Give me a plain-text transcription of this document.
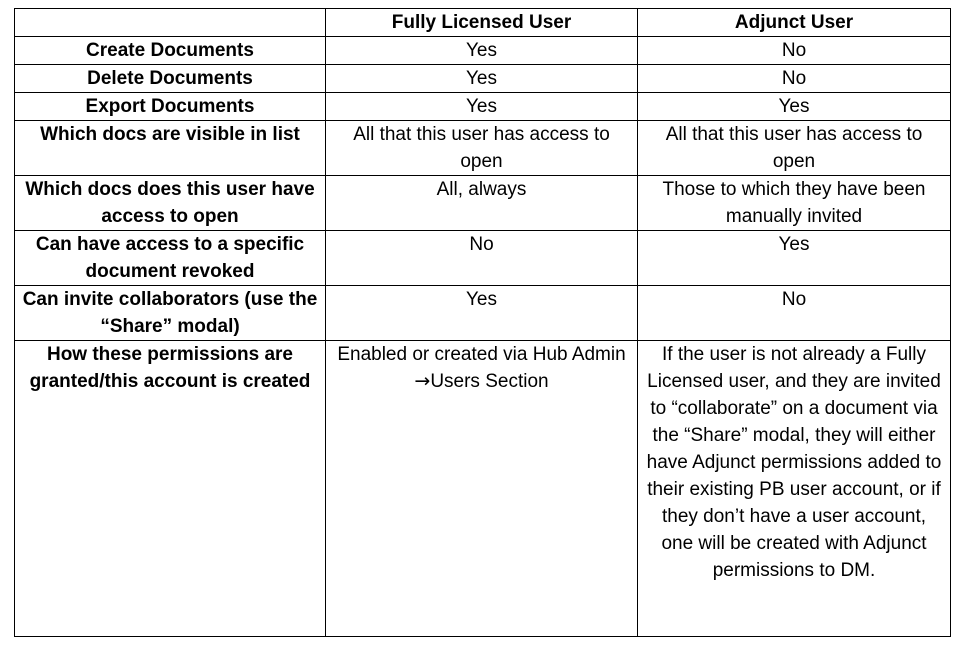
	Fully Licensed User	Adjunct User
Create Documents	Yes	No
Delete Documents	Yes	No
Export Documents	Yes	Yes
Which docs are visible in list	All that this user has access to open	All that this user has access to open
Which docs does this user have access to open	All, always	Those to which they have been manually invited
Can have access to a specific document revoked	No	Yes
Can invite collaborators (use the “Share” modal)	Yes	No
How these permissions are granted/this account is created	Enabled or created via Hub Admin →Users Section	If the user is not already a Fully Licensed user, and they are invited to “collaborate” on a document via the “Share” modal, they will either have Adjunct permissions added to their existing PB user account, or if they don’t have a user account, one will be created with Adjunct permissions to DM.
